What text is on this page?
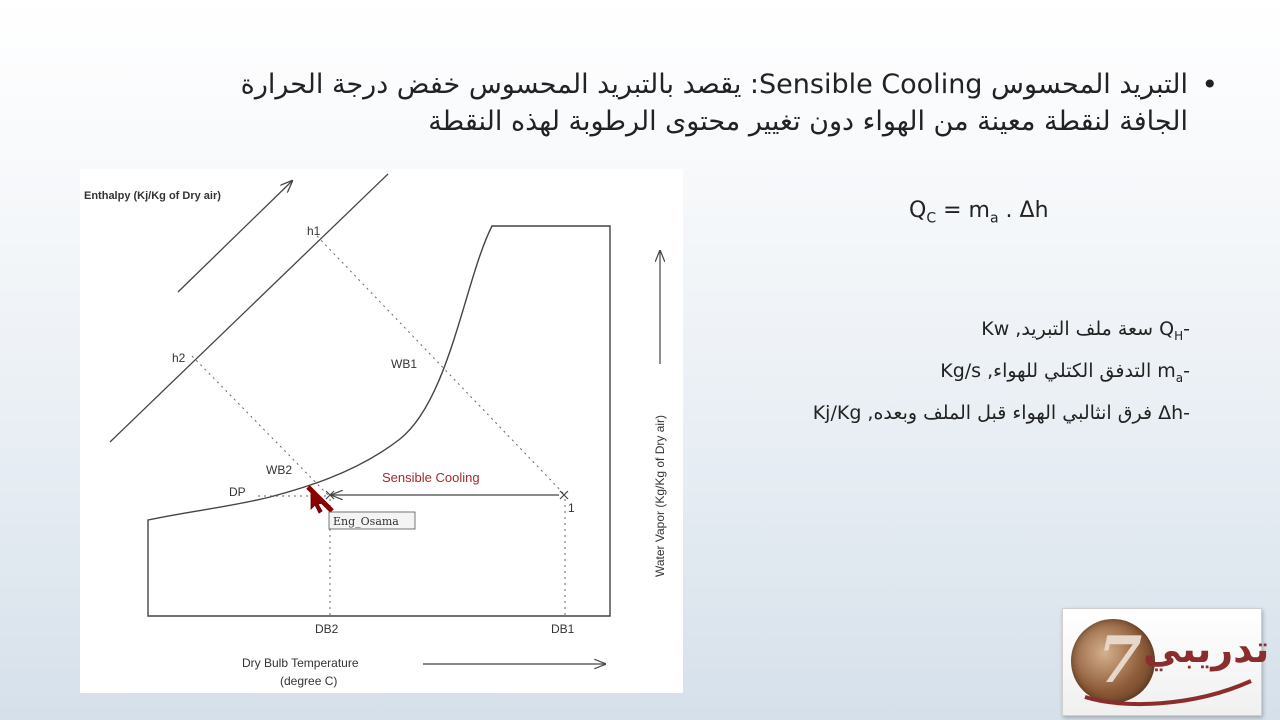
•
التبريد المحسوس Sensible Cooling: يقصد بالتبريد المحسوس خفض درجة الحرارة
الجافة لنقطة معينة من الهواء دون تغيير محتوى الرطوبة لهذه النقطة
Enthalpy (Kj/Kg of Dry air)
h1
h2	WB1
WB2
DP
Sensible Cooling
1
DB2	DB1
Dry Bulb Temperature
(degree C)
Water Vapor (Kg/Kg of Dry air)
Eng_Osama
$Q_C = m_a$ . Δh
$-Q_H$ سعة ملف التبريد, Kw
$-m_a$ التدفق الكتلي للهواء, Kg/s
-Δh فرق انثالبي الهواء قبل الملف وبعده, Kj/Kg
7
تدريبي
